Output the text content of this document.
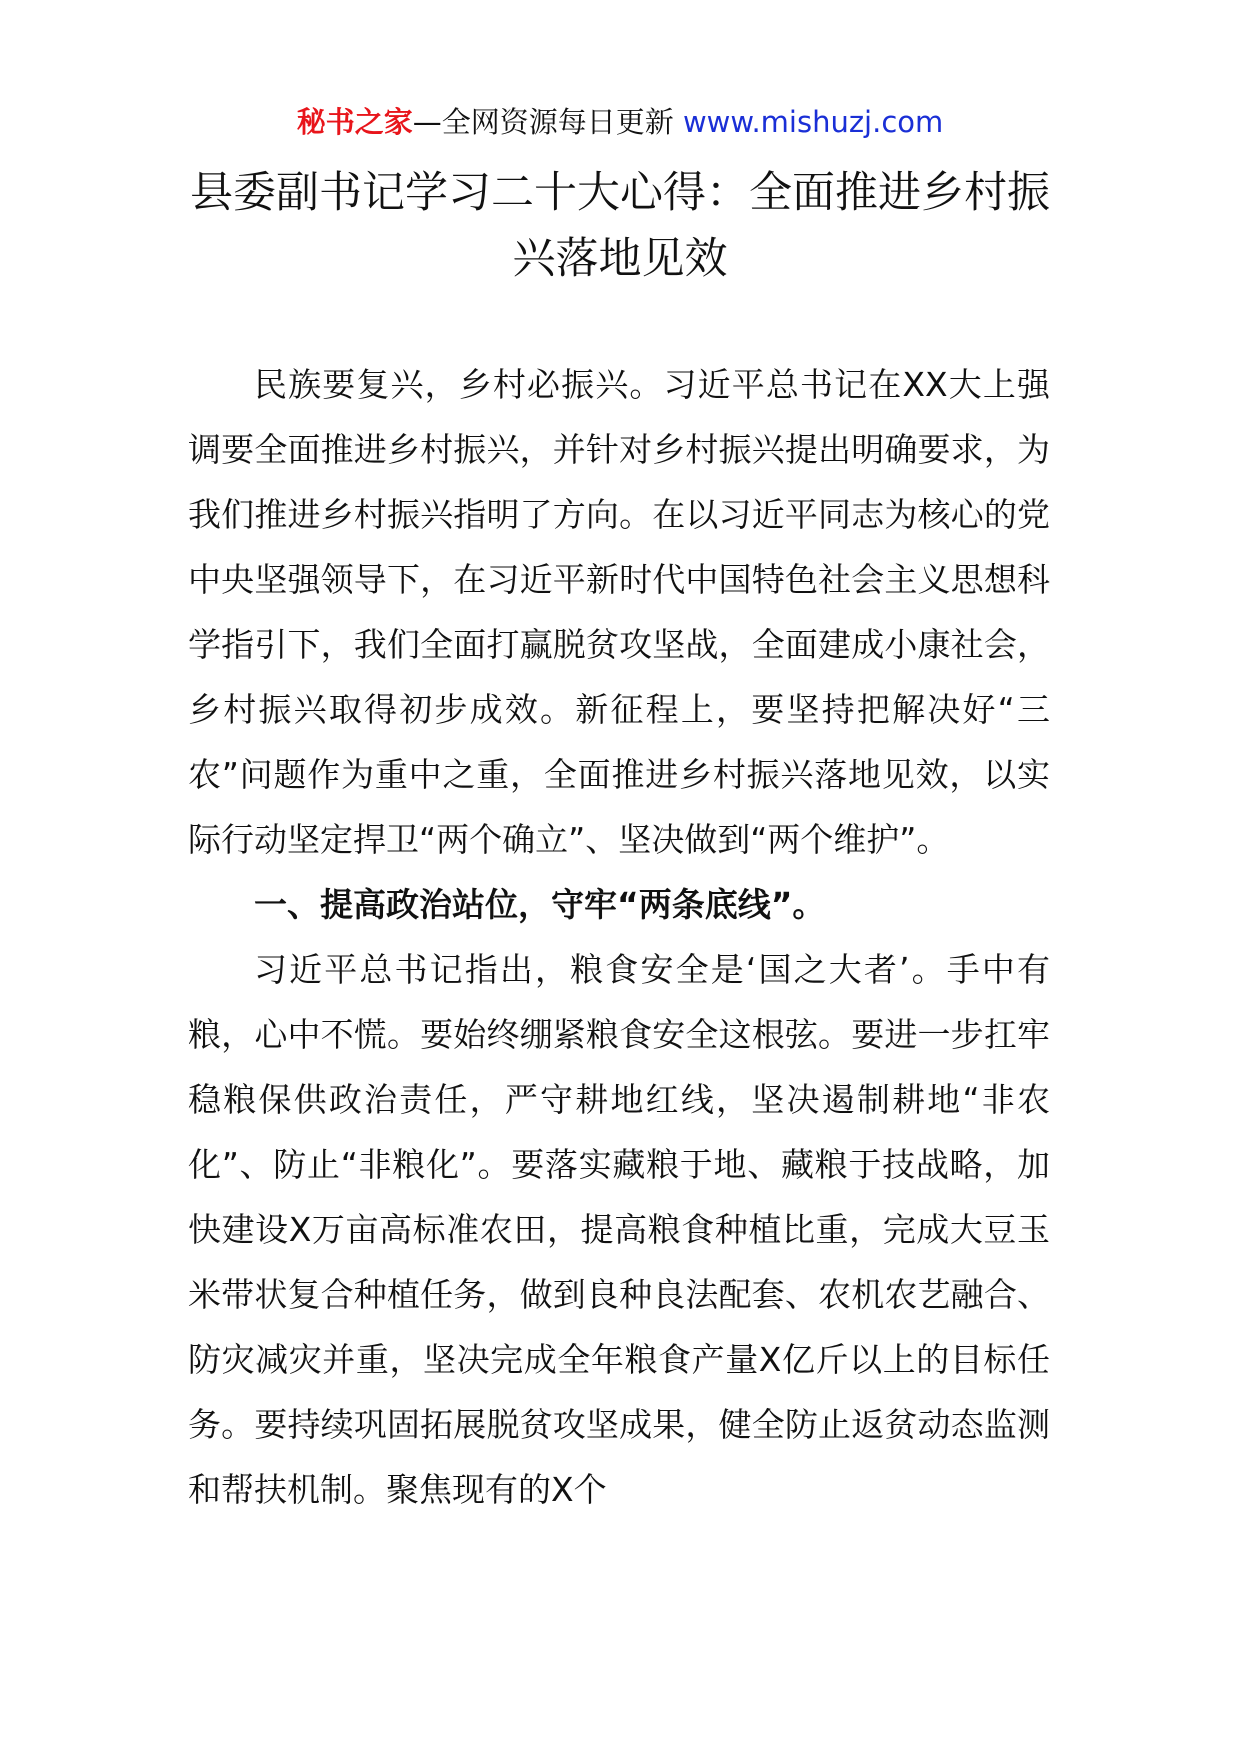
秘书之家—全网资源每日更新 www.mishuzj.com
县委副书记学习二十大心得：全面推进乡村振兴落地见效

民族要复兴，乡村必振兴。习近平总书记在XX大上强调要全面推进乡村振兴，并针对乡村振兴提出明确要求，为我们推进乡村振兴指明了方向。在以习近平同志为核心的党中央坚强领导下，在习近平新时代中国特色社会主义思想科学指引下，我们全面打赢脱贫攻坚战，全面建成小康社会，乡村振兴取得初步成效。新征程上，要坚持把解决好“三农”问题作为重中之重，全面推进乡村振兴落地见效，以实际行动坚定捍卫“两个确立”、坚决做到“两个维护”。

一、提高政治站位，守牢“两条底线”。

习近平总书记指出，粮食安全是‘国之大者’。手中有粮，心中不慌。要始终绷紧粮食安全这根弦。要进一步扛牢稳粮保供政治责任，严守耕地红线，坚决遏制耕地“非农化”、防止“非粮化”。要落实藏粮于地、藏粮于技战略，加快建设X万亩高标准农田，提高粮食种植比重，完成大豆玉米带状复合种植任务，做到良种良法配套、农机农艺融合、防灾减灾并重，坚决完成全年粮食产量X亿斤以上的目标任务。要持续巩固拓展脱贫攻坚成果，健全防止返贫动态监测和帮扶机制。聚焦现有的X个
